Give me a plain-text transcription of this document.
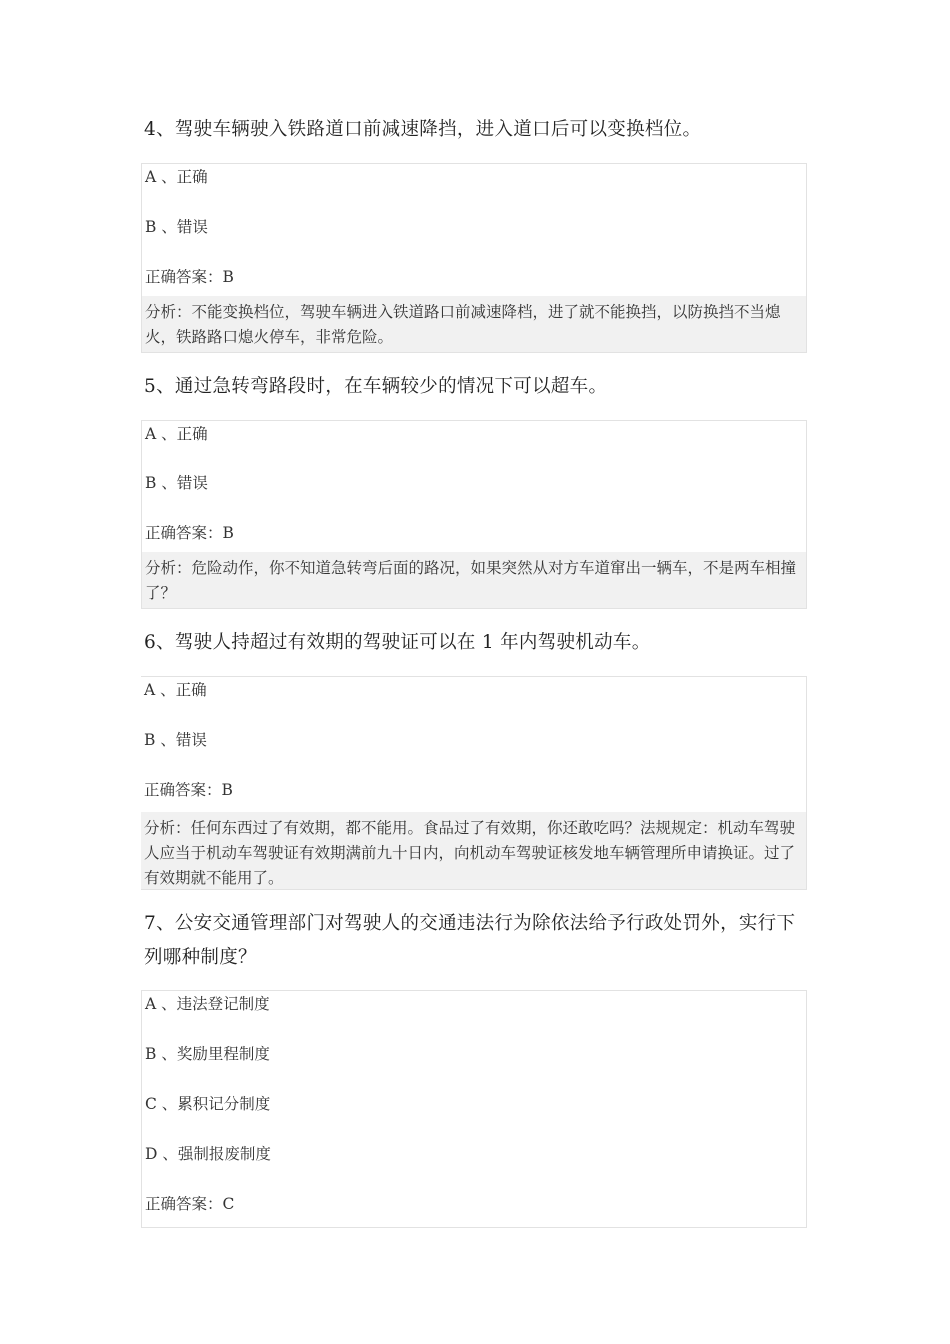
4、驾驶车辆驶入铁路道口前减速降挡，进入道口后可以变换档位。
A 、正确
B 、错误
正确答案：B
分析：不能变换档位，驾驶车辆进入铁道路口前减速降档，进了就不能换挡，以防换挡不当熄火，铁路路口熄火停车，非常危险。
5、通过急转弯路段时，在车辆较少的情况下可以超车。
A 、正确
B 、错误
正确答案：B
分析：危险动作，你不知道急转弯后面的路况，如果突然从对方车道窜出一辆车，不是两车相撞了？
6、驾驶人持超过有效期的驾驶证可以在 1 年内驾驶机动车。
A 、正确
B 、错误
正确答案：B
分析：任何东西过了有效期，都不能用。食品过了有效期，你还敢吃吗？法规规定：机动车驾驶人应当于机动车驾驶证有效期满前九十日内，向机动车驾驶证核发地车辆管理所申请换证。过了有效期就不能用了。
7、公安交通管理部门对驾驶人的交通违法行为除依法给予行政处罚外，实行下列哪种制度？
A 、违法登记制度
B 、奖励里程制度
C 、累积记分制度
D 、强制报废制度
正确答案：C
